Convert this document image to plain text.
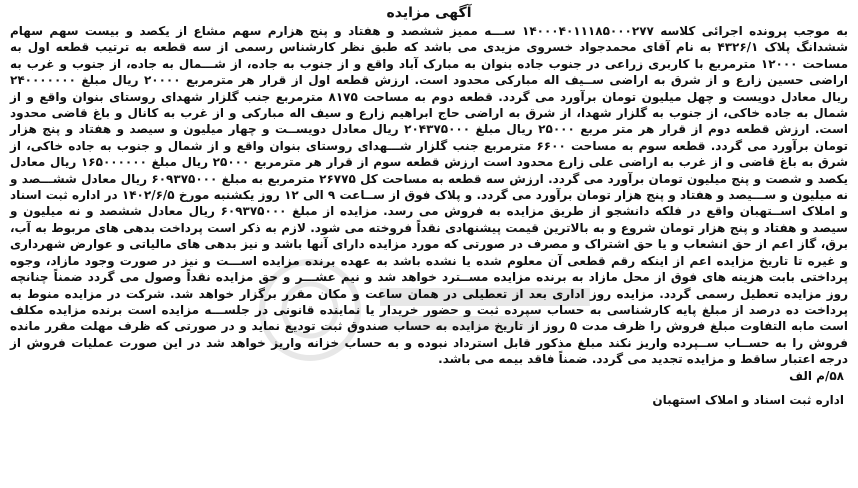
آگهی مزایده

به موجب پرونده اجرائی کلاسه ۱۴۰۰۰۴۰۱۱۱۸۵۰۰۰۲۷۷ ســـه ممیز ششصد و هفتاد و پنج هزارم سهم مشاع از یکصد و بیست سهم سهام ششدانگ پلاک ۴۳۲۶/۱ به نام آقای محمدجواد خسروی مزیدی می باشد که طبق نظر کارشناس رسمی از سه قطعه به ترتیب قطعه اول به مساحت ۱۲۰۰۰ مترمربع با کاربری زراعی در جنوب جاده بنوان به مبارک آباد واقع و از جنوب به جاده، از شـــمال به جاده، از جنوب و غرب به اراضی حسین زارع و از شرق به اراضی ســیف اله مبارکی محدود است. ارزش قطعه اول از قرار هر مترمربع ۲۰۰۰۰ ریال مبلغ ۲۴۰۰۰۰۰۰۰ ریال معادل دویست و چهل میلیون تومان برآورد می گردد. قطعه دوم به مساحت ۸۱۷۵ مترمربع جنب گلزار شهدای روستای بنوان واقع و از شمال به جاده خاکی، از جنوب به گلزار شهدا، از شرق به اراضی حاج ابراهیم زارع و سیف اله مبارکی و از غرب به کانال و باغ قاضی محدود است. ارزش قطعه دوم از قرار هر متر مربع ۲۵۰۰۰ ریال مبلغ ۲۰۴۳۷۵۰۰۰ ریال معادل دویســت و چهار میلیون و سیصد و هفتاد و پنج هزار تومان برآورد می گردد. قطعه سوم به مساحت ۶۶۰۰ مترمربع جنب گلزار شـــهدای روستای بنوان واقع و از شمال و جنوب به جاده خاکی، از شرق به باغ قاضی و از غرب به اراضی علی زارع محدود است ارزش قطعه سوم از قرار هر مترمربع ۲۵۰۰۰ ریال مبلغ ۱۶۵۰۰۰۰۰۰ ریال معادل یکصد و شصت و پنج میلیون تومان برآورد می گردد. ارزش سه قطعه به مساحت کل ۲۶۷۷۵ مترمربع به مبلغ ۶۰۹۳۷۵۰۰۰ ریال معادل ششـــصد و نه میلیون و ســـیصد و هفتاد و پنج هزار تومان برآورد می گردد. و پلاک فوق از ســاعت ۹ الی ۱۲ روز یکشنبه مورخ ۱۴۰۲/۶/۵ در اداره ثبت اسناد و املاک اســتهبان واقع در فلکه دانشجو از طریق مزایده به فروش می رسد. مزایده از مبلغ ۶۰۹۳۷۵۰۰۰ ریال معادل ششصد و نه میلیون و سیصد و هفتاد و پنج هزار تومان شروع و به بالاترین قیمت پیشنهادی نقداً فروخته می شود. لازم به ذکر است پرداخت بدهی های مربوط به آب، برق، گاز اعم از حق انشعاب و یا حق اشتراک و مصرف در صورتی که مورد مزایده دارای آنها باشد و نیز بدهی های مالیاتی و عوارض شهرداری و غیره تا تاریخ مزایده اعم از اینکه رقم قطعی آن معلوم شده یا نشده باشد به عهده برنده مزایده اســـت و نیز در صورت وجود مازاد، وجوه پرداختی بابت هزینه های فوق از محل مازاد به برنده مزایده مســترد خواهد شد و نیم عشـــر و حق مزایده نقداً وصول می گردد ضمناً چنانچه روز مزایده تعطیل رسمی گردد. مزایده روز اداری بعد از تعطیلی در همان ساعت و مکان مقرر برگزار خواهد شد. شرکت در مزایده منوط به پرداخت ده درصد از مبلغ پایه کارشناسی به حساب سپرده ثبت و حضور خریدار یا نماینده قانونی در جلســـه مزایده است برنده مزایده مکلف است مابه التفاوت مبلغ فروش را ظرف مدت ۵ روز از تاریخ مزایده به حساب صندوق ثبت تودیع نماید و در صورتی که ظرف مهلت مقرر مانده فروش را به حســاب ســپرده واریز نکند مبلغ مذکور قابل استرداد نبوده و به حساب خزانه واریز خواهد شد در این صورت عملیات فروش از درجه اعتبار ساقط و مزایده تجدید می گردد. ضمناً فاقد بیمه می باشد.

۵۸/م الف
اداره ثبت اسناد و املاک استهبان
